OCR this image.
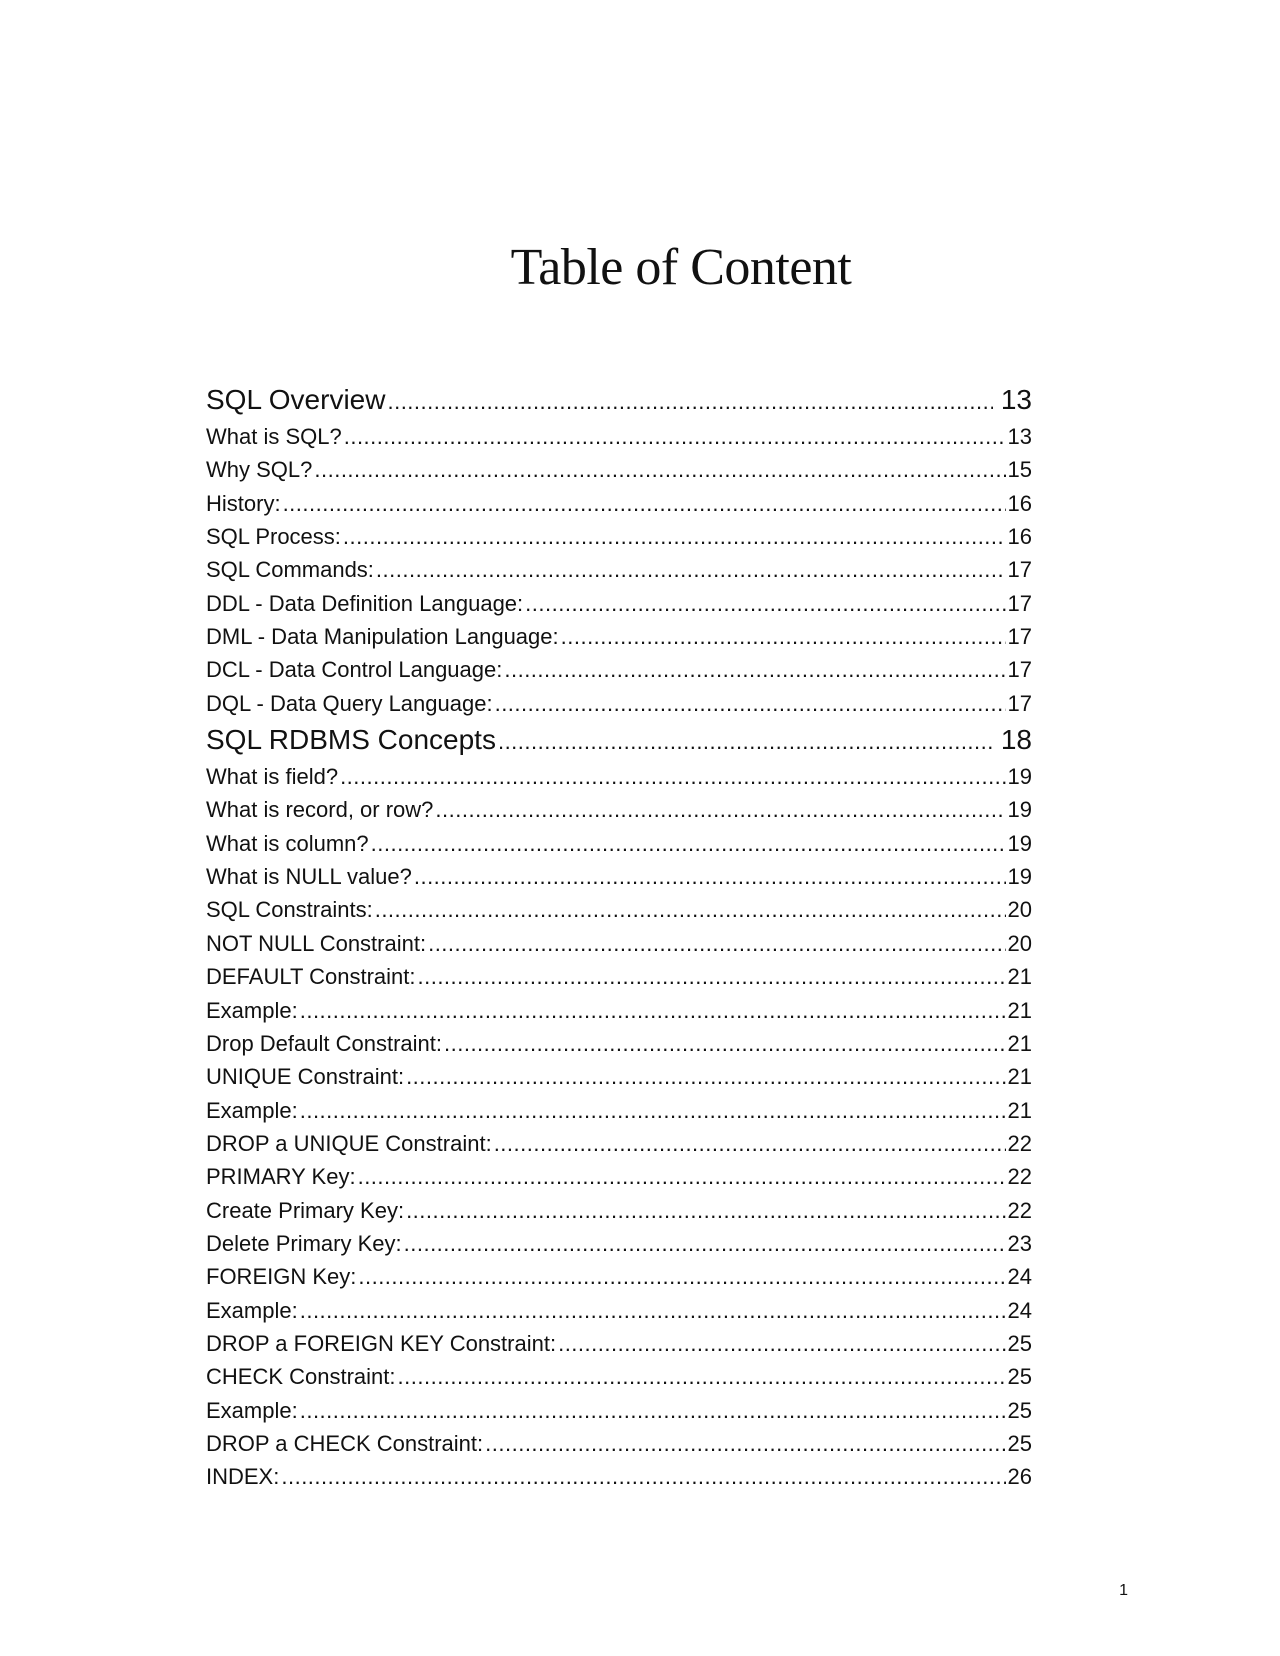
Table of Content
SQL Overview .....	13
What is SQL? .....	13
Why SQL? .....	15
History: .....	16
SQL Process: .....	16
SQL Commands: .....	17
DDL - Data Definition Language: .....	17
DML - Data Manipulation Language: .....	17
DCL - Data Control Language: .....	17
DQL - Data Query Language: .....	17
SQL RDBMS Concepts .....	18
What is field? .....	19
What is record, or row? .....	19
What is column? .....	19
What is NULL value? .....	19
SQL Constraints: .....	20
NOT NULL Constraint: .....	20
DEFAULT Constraint: .....	21
Example: .....	21
Drop Default Constraint: .....	21
UNIQUE Constraint: .....	21
Example: .....	21
DROP a UNIQUE Constraint: .....	22
PRIMARY Key: .....	22
Create Primary Key: .....	22
Delete Primary Key: .....	23
FOREIGN Key: .....	24
Example: .....	24
DROP a FOREIGN KEY Constraint: .....	25
CHECK Constraint: .....	25
Example: .....	25
DROP a CHECK Constraint: .....	25
INDEX: .....	26
1
